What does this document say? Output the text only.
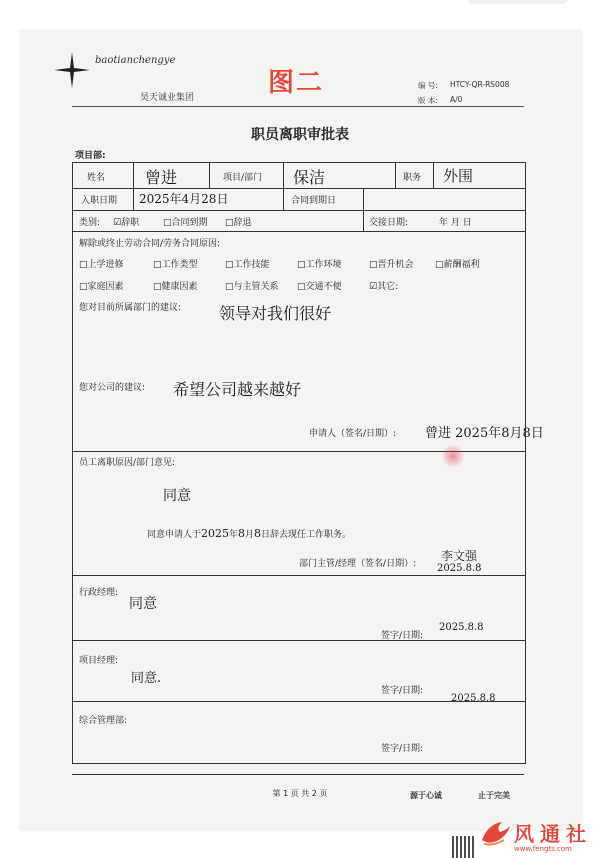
baotianchengye
昊天诚业集团	图二	编 号: HTCY-QR-RS008
版 本: A/0
职员离职审批表
项目部:
姓名 曾进	项目/部门 保洁	职务 外围
入职日期 2025年4月28日	合同到期日
类别: ☑辞职	□合同到期 □辞退	交接日期:	年 月 日
解除或终止劳动合同/劳务合同原因:
□上学进修	□工作类型	□工作技能	□工作环境	□晋升机会 □薪酬福利
□家庭因素	□健康因素	□与主管关系 □交通不便	☑其它:
您对目前所属部门的建议: 领导对我们很好
您对公司的建议: 希望公司越来越好
申请人（签名/日期）: 曾进 2025年8月8日
员工离职原因/部门意见:
同意
同意申请人于2025年8月8日辞去现任工作职务。
部门主管/经理（签名/日期）:
李文强
2025.8.8
行政经理:
同意
签字/日期:
2025.8.8
项目经理:
同意.
签字/日期:
2025.8.8
综合管理部:
签字/日期:
第 1 页 共 2 页	源于心诚	止于完美
风通社
www.fengts.com
